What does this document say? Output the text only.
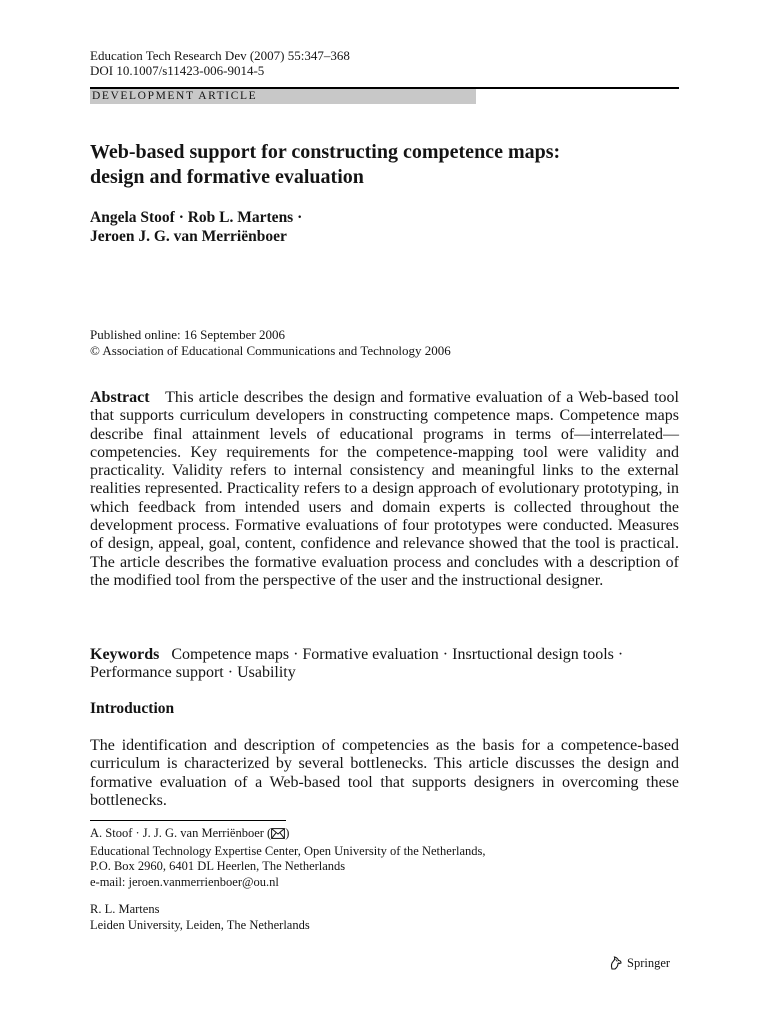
Education Tech Research Dev (2007) 55:347–368
DOI 10.1007/s11423-006-9014-5
DEVELOPMENT ARTICLE
Web-based support for constructing competence maps:
design and formative evaluation
Angela Stoof · Rob L. Martens ·
Jeroen J. G. van Merriënboer
Published online: 16 September 2006
© Association of Educational Communications and Technology 2006
Abstract This article describes the design and formative evaluation of a Web-based tool that supports curriculum developers in constructing competence maps. Competence maps describe final attainment levels of educational programs in terms of—interrelated—competencies. Key requirements for the competence-mapping tool were validity and practicality. Validity refers to internal consistency and meaningful links to the external realities represented. Practicality refers to a design approach of evolutionary prototyping, in which feedback from intended users and domain experts is collected throughout the development process. Formative evaluations of four prototypes were conducted. Measures of design, appeal, goal, content, confidence and relevance showed that the tool is practical. The article describes the formative evaluation process and concludes with a description of the modified tool from the perspective of the user and the instructional designer.
Keywords Competence maps · Formative evaluation · Insrtuctional design tools · Performance support · Usability
Introduction
The identification and description of competencies as the basis for a competence-based curriculum is characterized by several bottlenecks. This article discusses the design and formative evaluation of a Web-based tool that supports designers in overcoming these bottlenecks.
A. Stoof · J. J. G. van Merriënboer ( )
Educational Technology Expertise Center, Open University of the Netherlands,
P.O. Box 2960, 6401 DL Heerlen, The Netherlands
e-mail: jeroen.vanmerrienboer@ou.nl
R. L. Martens
Leiden University, Leiden, The Netherlands
Springer
